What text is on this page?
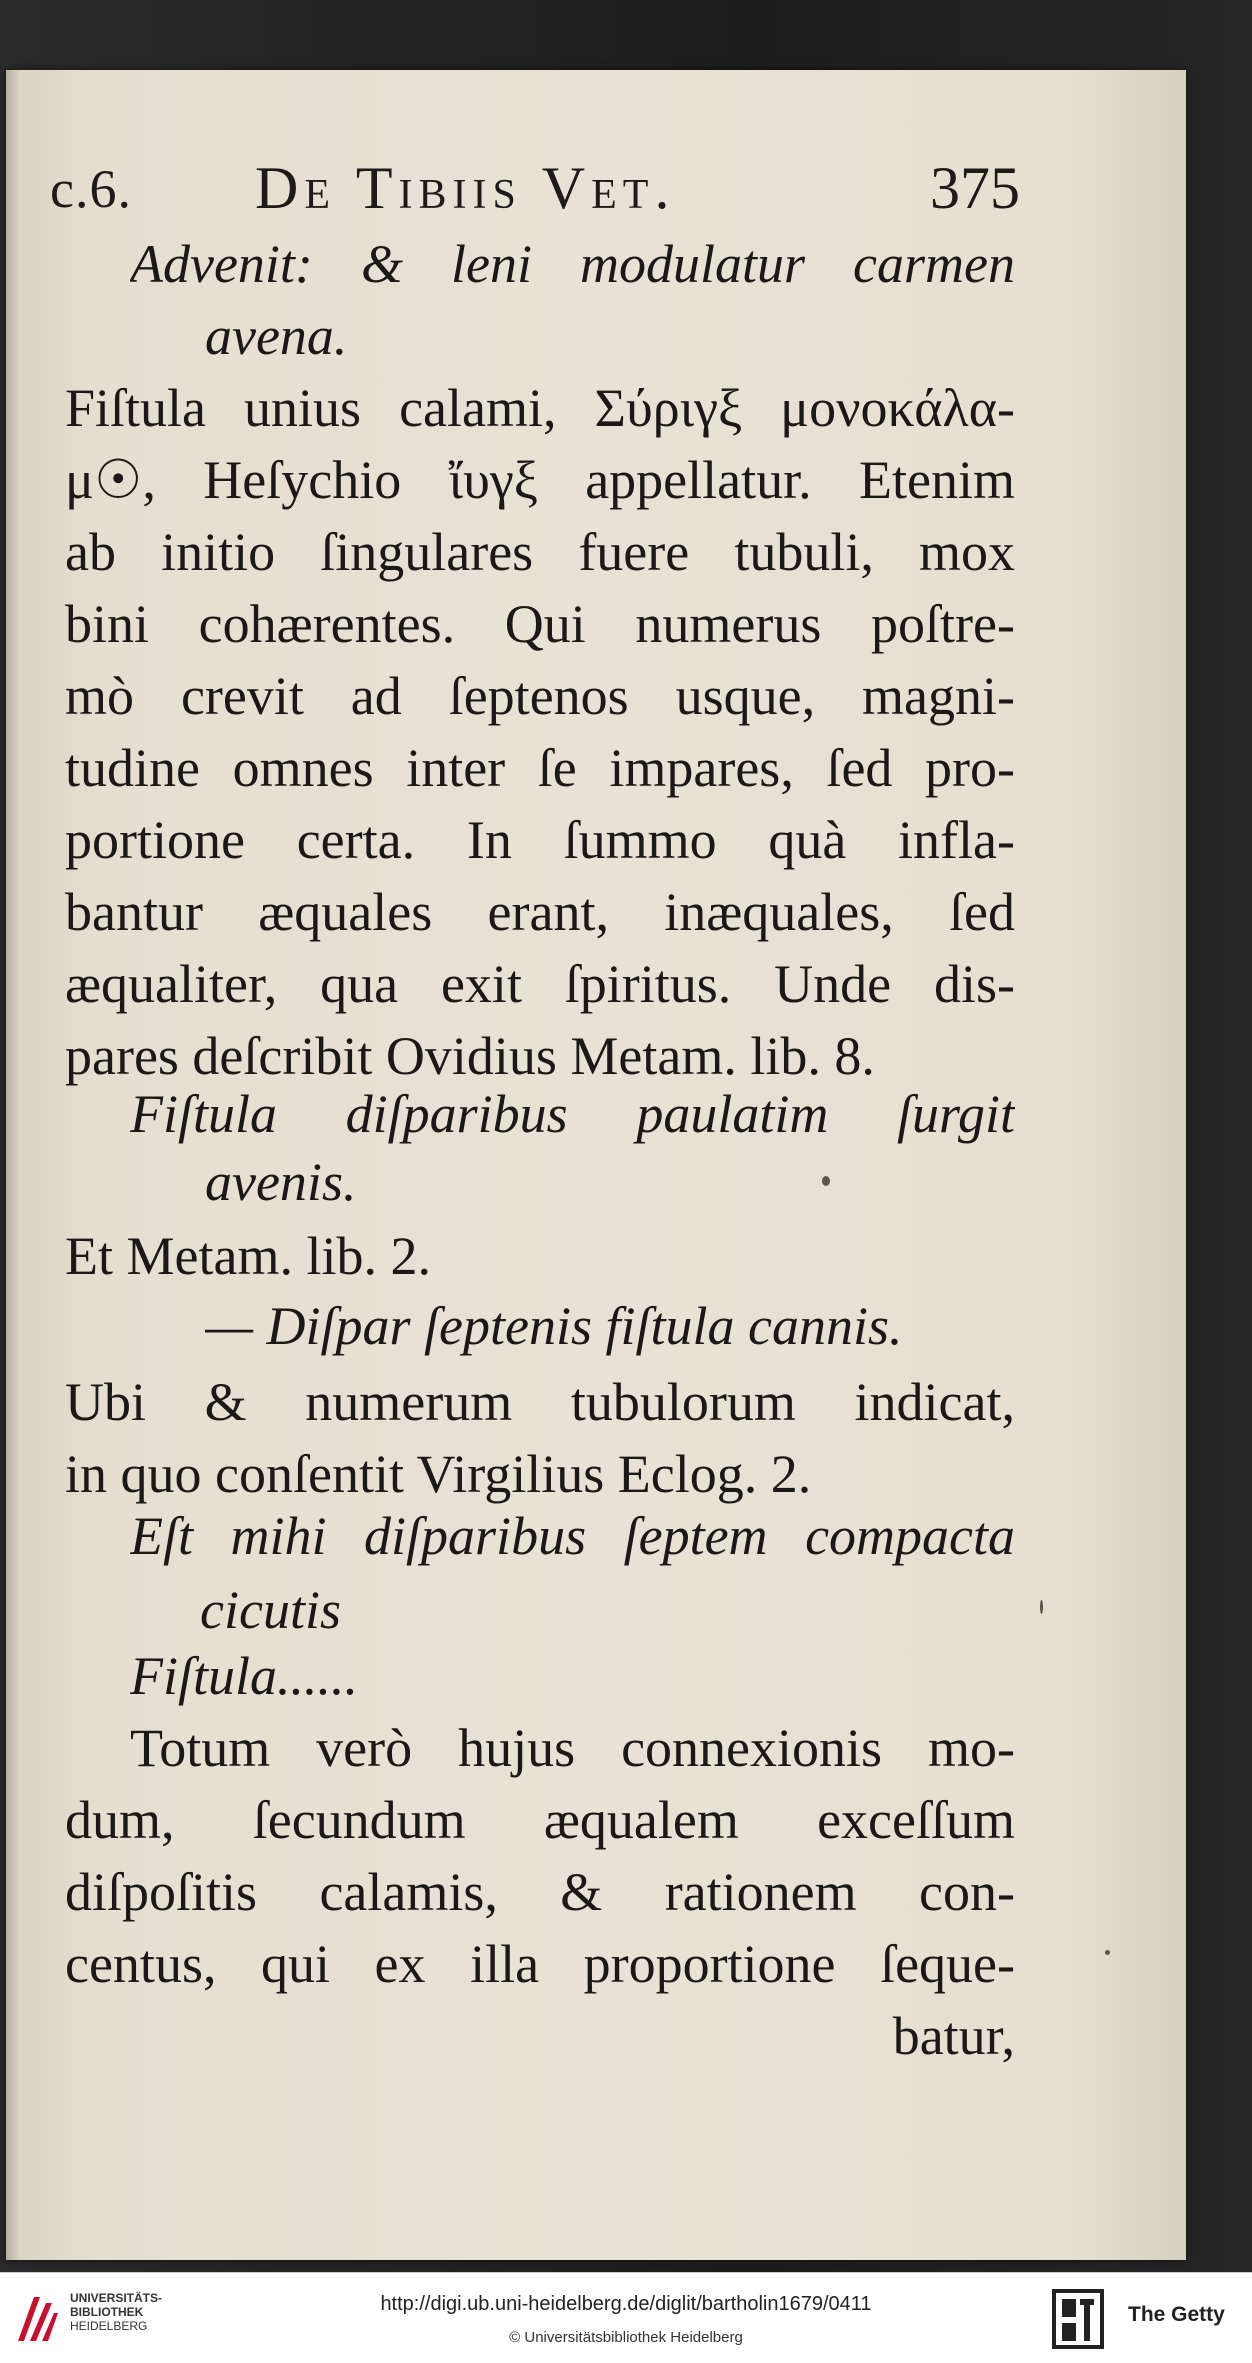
c.6. De Tibiis Vet.	375
Advenit: & leni modulatur carmen
avena.
Fiſtula unius calami, Σύριγξ μονοκάλα-
μ☉, Heſychio ἴυγξ appellatur. Etenim
ab initio ſingulares fuere tubuli, mox
bini cohærentes. Qui numerus poſtre-
mò crevit ad ſeptenos usque, magni-
tudine omnes inter ſe impares, ſed pro-
portione certa. In ſummo quà infla-
bantur æquales erant, inæquales, ſed
æqualiter, qua exit ſpiritus. Unde dis-
pares deſcribit Ovidius Metam. lib. 8.
Fiſtula diſparibus paulatim ſurgit
avenis.
Et Metam. lib. 2.
— Diſpar ſeptenis fiſtula cannis.
Ubi & numerum tubulorum indicat,
in quo conſentit Virgilius Eclog. 2.
Eſt mihi diſparibus ſeptem compacta
cicutis
Fiſtula......
Totum verò hujus connexionis mo-
dum, ſecundum æqualem exceſſum
diſpoſitis calamis, & rationem con-
centus, qui ex illa proportione ſeque-
batur,
UNIVERSITÄTS-
BIBLIOTHEK
HEIDELBERG
http://digi.ub.uni-heidelberg.de/diglit/bartholin1679/0411
© Universitätsbibliothek Heidelberg
The Getty
